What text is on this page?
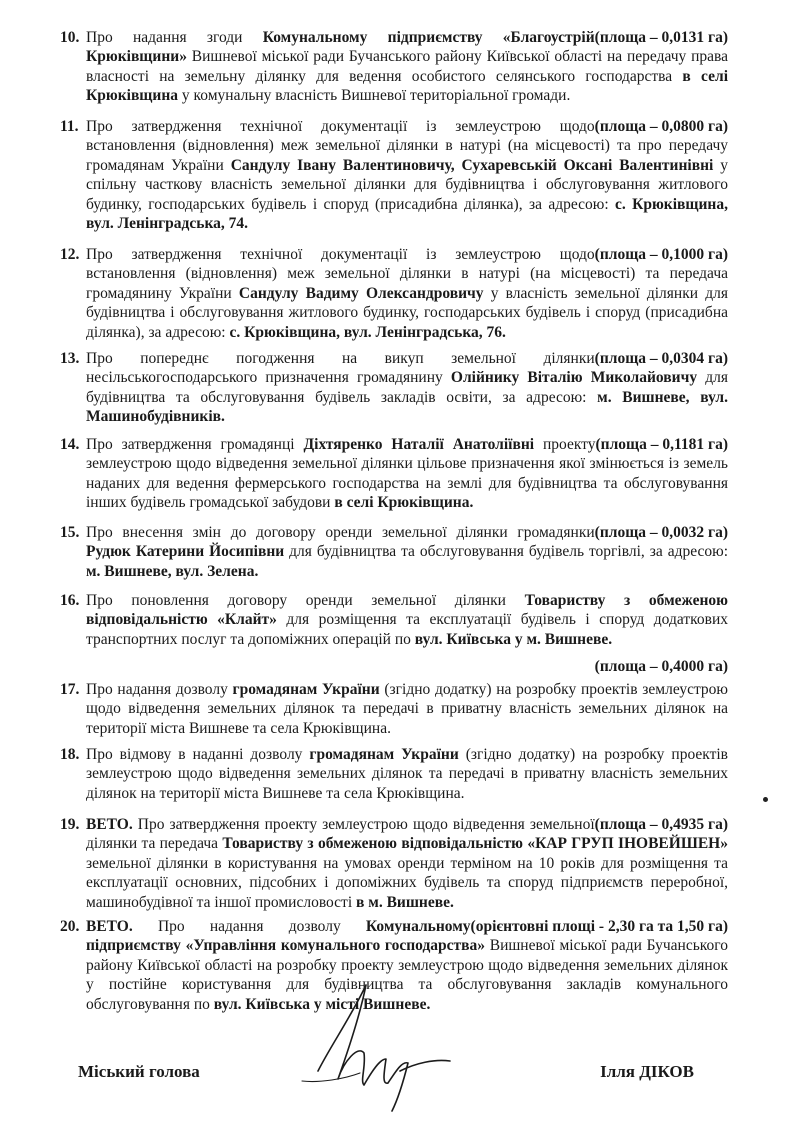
10.	(площа – 0,0131 га)
Про надання згоди Комунальному підприємству «Благоустрій Крюківщини» Вишневої міської ради Бучанського району Київської області на передачу права власності на земельну ділянку для ведення особистого селянського господарства в селі Крюківщина у комунальну власність Вишневої територіальної громади.
11.	(площа – 0,0800 га)
Про затвердження технічної документації із землеустрою щодо встановлення (відновлення) меж земельної ділянки в натурі (на місцевості) та про передачу громадянам України Сандулу Івану Валентиновичу, Сухаревській Оксані Валентинівні у спільну часткову власність земельної ділянки для будівництва і обслуговування житлового будинку, господарських будівель і споруд (присадибна ділянка), за адресою: с. Крюківщина, вул. Ленінградська, 74.
12.	(площа – 0,1000 га)
Про затвердження технічної документації із землеустрою щодо встановлення (відновлення) меж земельної ділянки в натурі (на місцевості) та передача громадянину України Сандулу Вадиму Олександровичу у власність земельної ділянки для будівництва і обслуговування житлового будинку, господарських будівель і споруд (присадибна ділянка), за адресою: с. Крюківщина, вул. Ленінградська, 76.
13.	(площа – 0,0304 га)
Про попереднє погодження на викуп земельної ділянки несільськогосподарського призначення громадянину Олійнику Віталію Миколайовичу для будівництва та обслуговування будівель закладів освіти, за адресою: м. Вишневе, вул. Машинобудівників.
14.	(площа – 0,1181 га)
Про затвердження громадянці Діхтяренко Наталії Анатоліївні проекту землеустрою щодо відведення земельної ділянки цільове призначення якої змінюється із земель наданих для ведення фермерського господарства на землі для будівництва та обслуговування інших будівель громадської забудови в селі Крюківщина.
15.	(площа – 0,0032 га)
Про внесення змін до договору оренди земельної ділянки громадянки Рудюк Катерини Йосипівни для будівництва та обслуговування будівель торгівлі, за адресою: м. Вишневе, вул. Зелена.
16. Про поновлення договору оренди земельної ділянки Товариству з обмеженою відповідальністю «Клайт» для розміщення та експлуатації будівель і споруд додаткових транспортних послуг та допоміжних операцій по вул. Київська у м. Вишневе.
(площа – 0,4000 га)
17. Про надання дозволу громадянам України (згідно додатку) на розробку проектів землеустрою щодо відведення земельних ділянок та передачі в приватну власність земельних ділянок на території міста Вишневе та села Крюківщина.
18. Про відмову в наданні дозволу громадянам України (згідно додатку) на розробку проектів землеустрою щодо відведення земельних ділянок та передачі в приватну власність земельних ділянок на території міста Вишневе та села Крюківщина.
19.	(площа – 0,4935 га)
ВЕТО. Про затвердження проекту землеустрою щодо відведення земельної ділянки та передача Товариству з обмеженою відповідальністю «КАР ГРУП ІНОВЕЙШЕН» земельної ділянки в користування на умовах оренди терміном на 10 років для розміщення та експлуатації основних, підсобних і допоміжних будівель та споруд підприємств переробної, машинобудівної та іншої промисловості в м. Вишневе.
20.	(орієнтовні площі - 2,30 га та 1,50 га)
ВЕТО. Про надання дозволу Комунальному підприємству «Управління комунального господарства» Вишневої міської ради Бучанського району Київської області на розробку проекту землеустрою щодо відведення земельних ділянок у постійне користування для будівництва та обслуговування закладів комунального обслуговування по вул. Київська у місті Вишневе.
Міський голова	Ілля ДІКОВ
